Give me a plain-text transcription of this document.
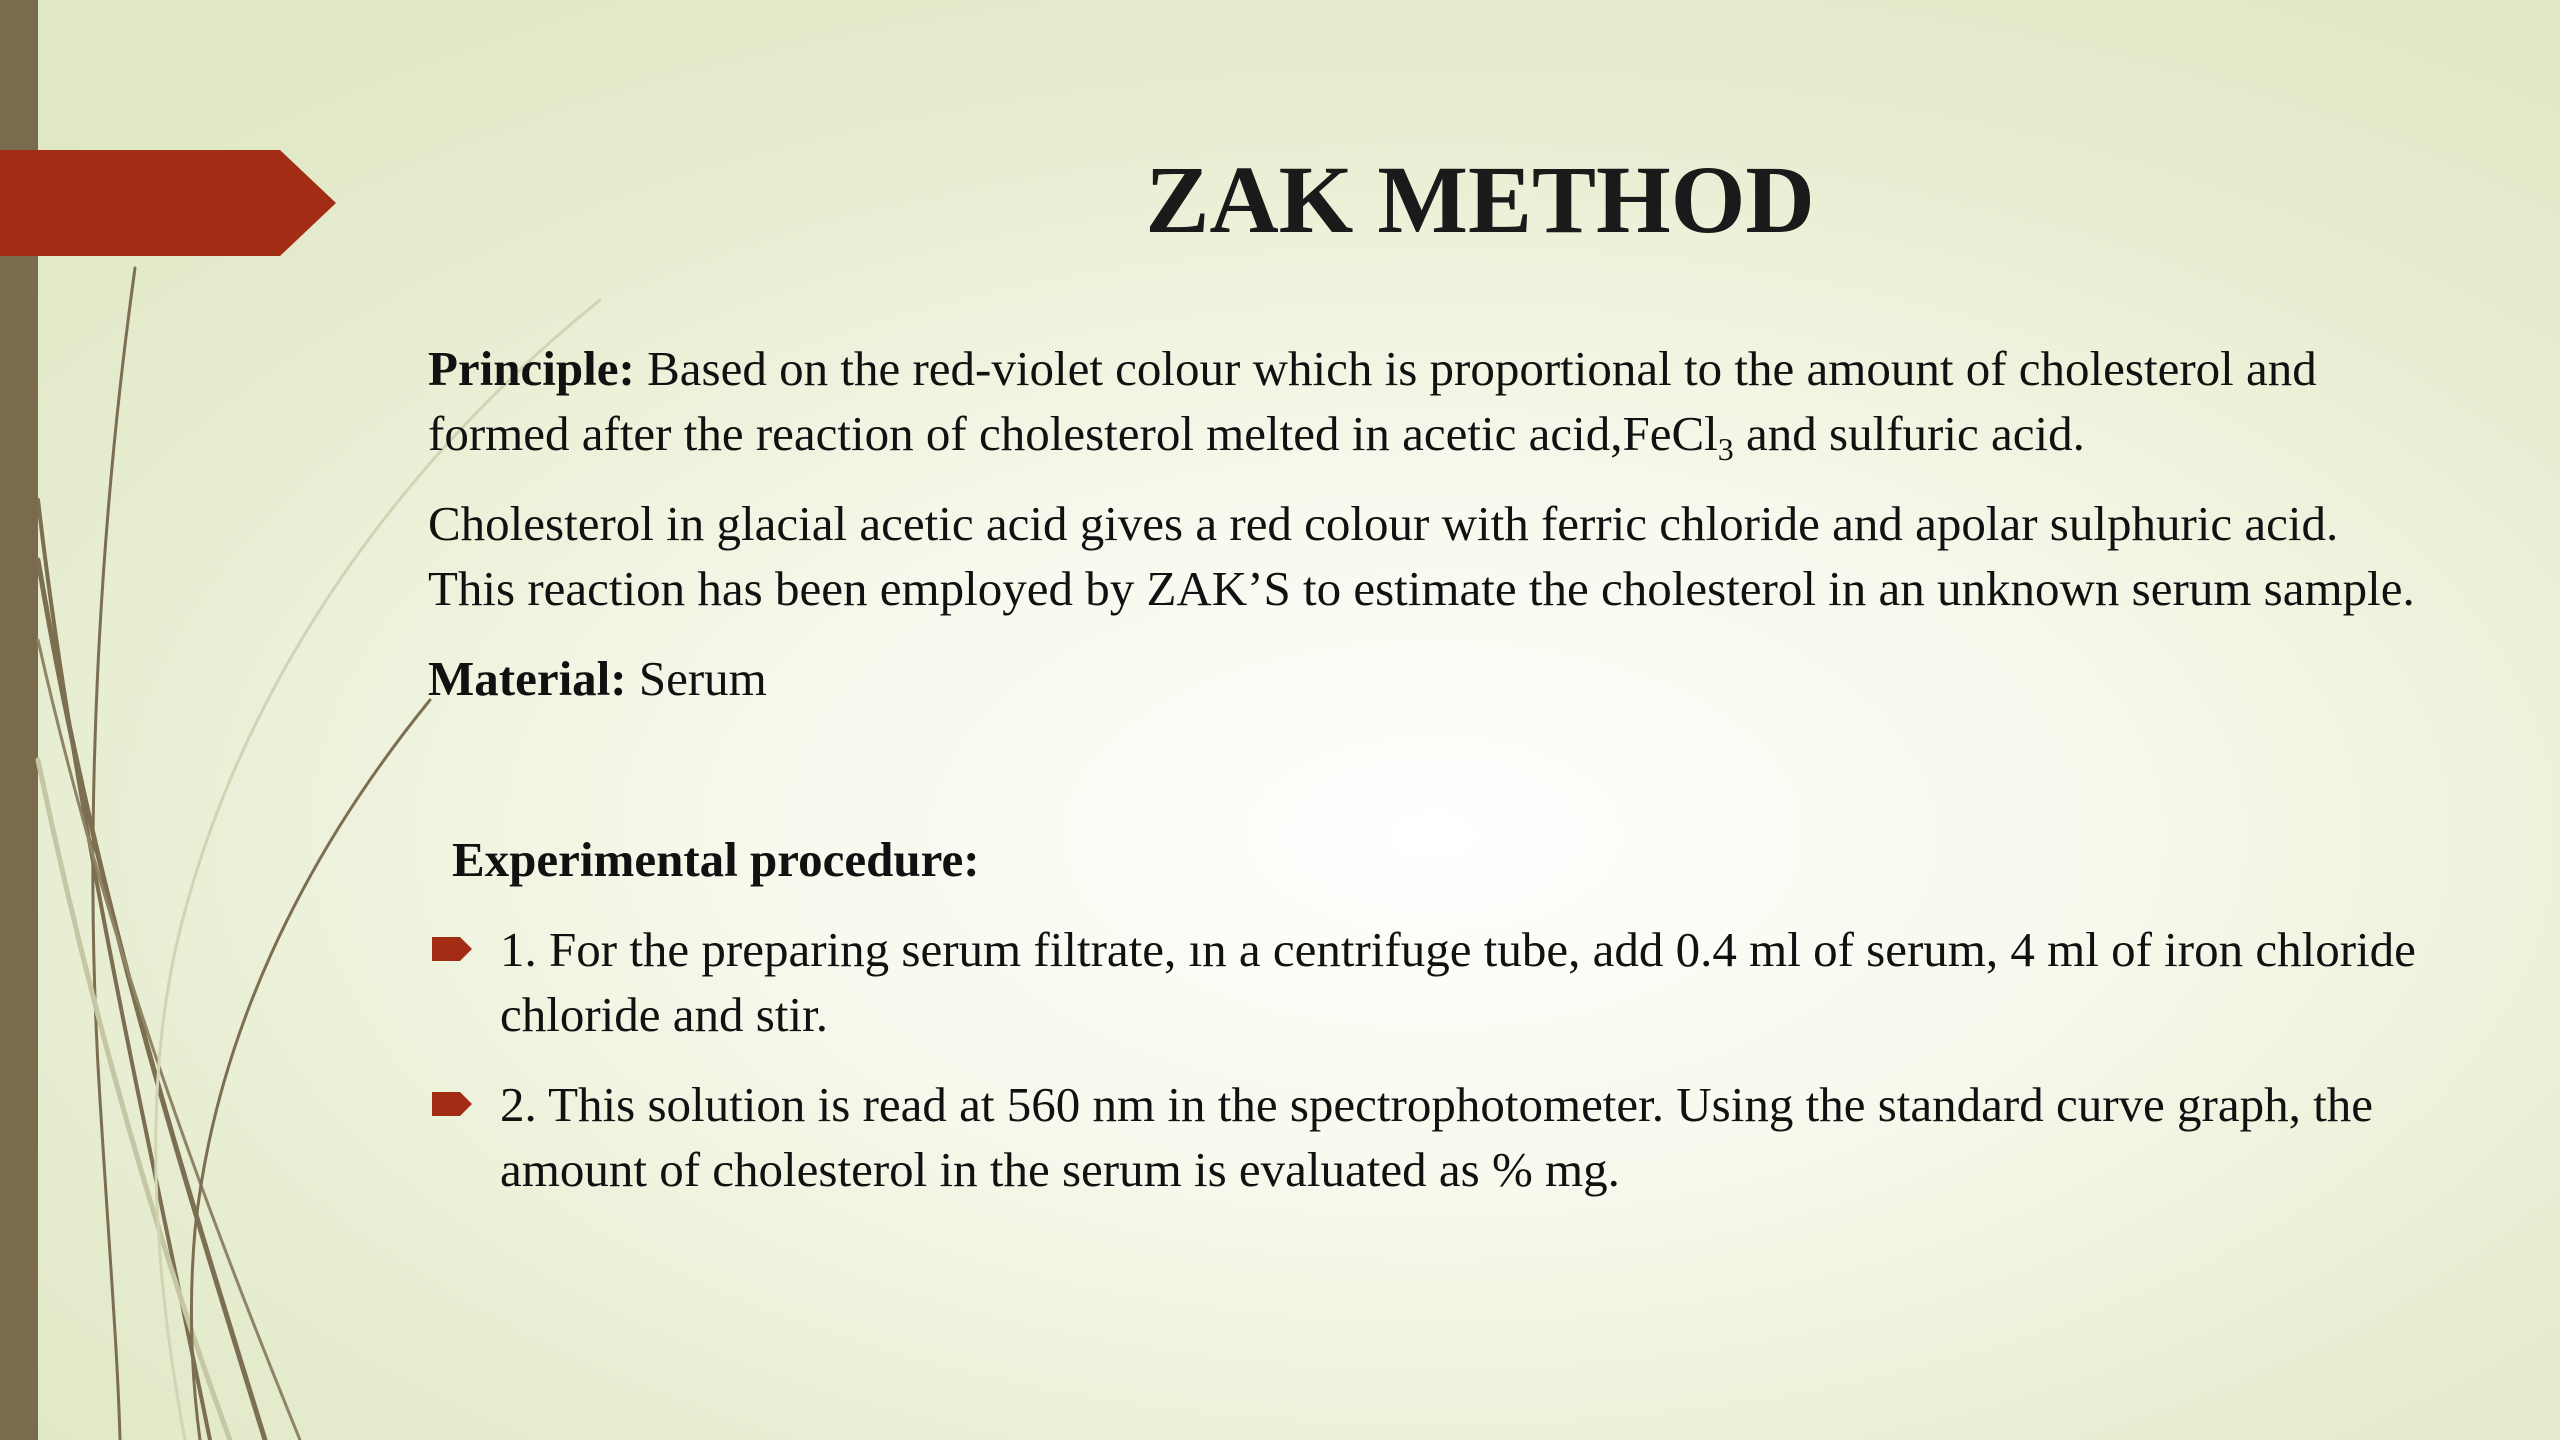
ZAK METHOD

Principle: Based on the red-violet colour which is proportional to the amount of cholesterol and formed after the reaction of cholesterol melted in acetic acid,FeCl$_3$ and sulfuric acid.

Cholesterol in glacial acetic acid gives a red colour with ferric chloride and apolar sulphuric acid. This reaction has been employed by ZAK’S to estimate the cholesterol in an unknown serum sample.

Material: Serum

Experimental procedure:

1. For the preparing serum filtrate, ın a centrifuge tube, add 0.4 ml of serum, 4 ml of iron chloride chloride and stir.
2. This solution is read at 560 nm in the spectrophotometer. Using the standard curve graph, the amount of cholesterol in the serum is evaluated as % mg.
